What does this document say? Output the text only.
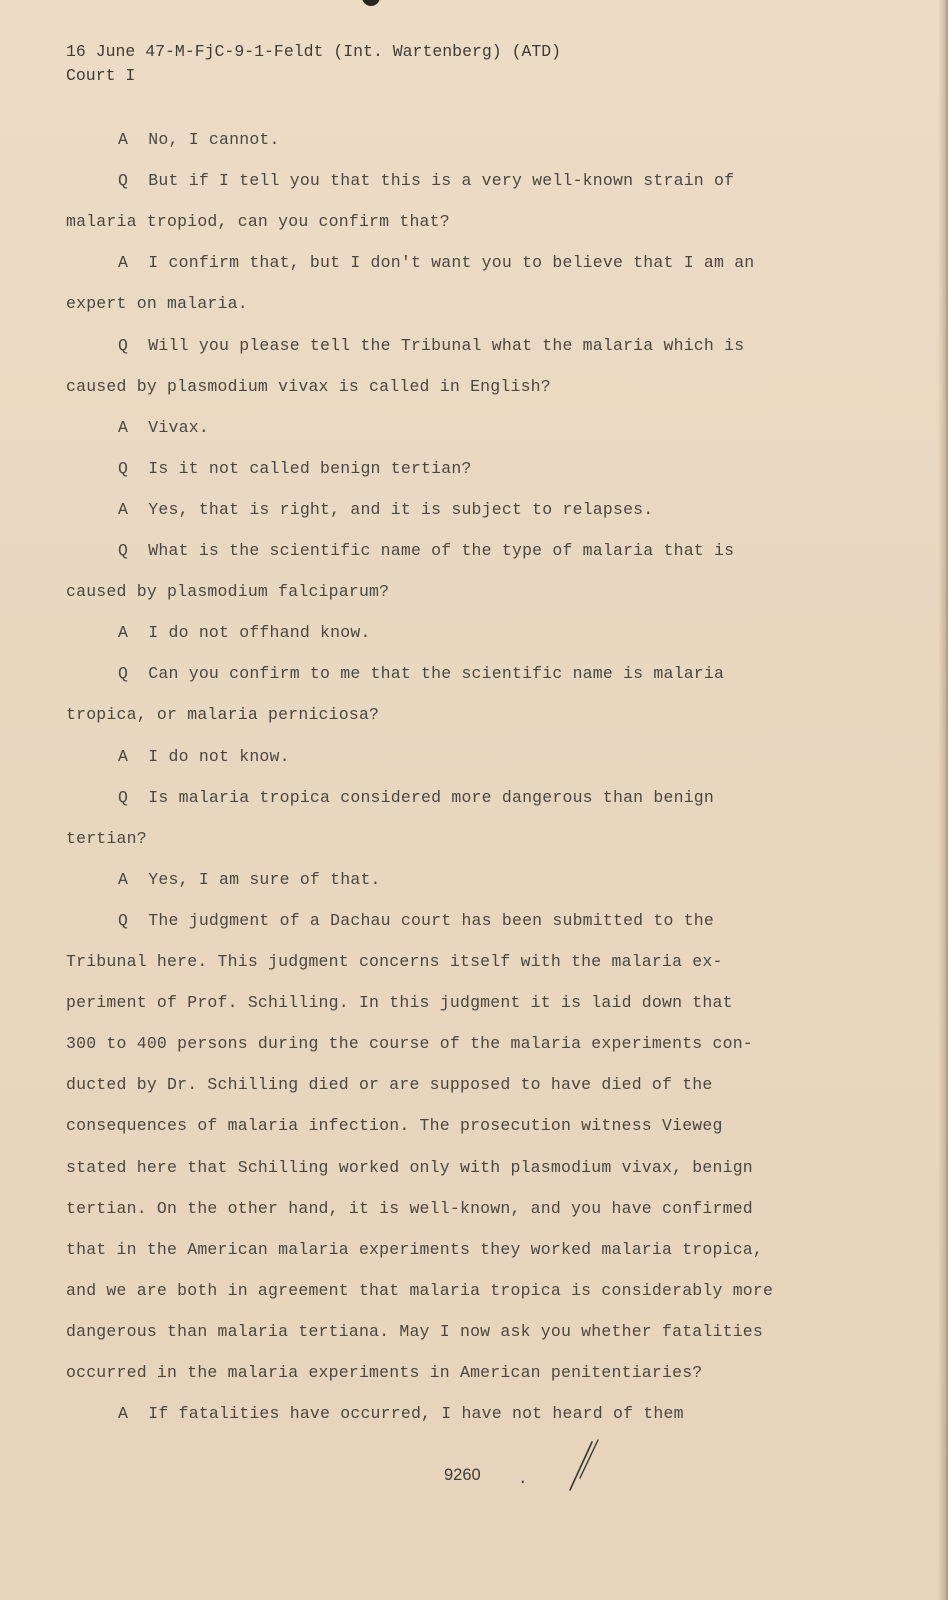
16 June 47-M-FjC-9-1-Feldt (Int. Wartenberg) (ATD)
Court I
A  No, I cannot.
Q  But if I tell you that this is a very well-known strain of
malaria tropiod, can you confirm that?
A  I confirm that, but I don't want you to believe that I am an
expert on malaria.
Q  Will you please tell the Tribunal what the malaria which is
caused by plasmodium vivax is called in English?
A  Vivax.
Q  Is it not called benign tertian?
A  Yes, that is right, and it is subject to relapses.
Q  What is the scientific name of the type of malaria that is
caused by plasmodium falciparum?
A  I do not offhand know.
Q  Can you confirm to me that the scientific name is malaria
tropica, or malaria perniciosa?
A  I do not know.
Q  Is malaria tropica considered more dangerous than benign
tertian?
A  Yes, I am sure of that.
Q  The judgment of a Dachau court has been submitted to the
Tribunal here. This judgment concerns itself with the malaria ex-
periment of Prof. Schilling. In this judgment it is laid down that
300 to 400 persons during the course of the malaria experiments con-
ducted by Dr. Schilling died or are supposed to have died of the
consequences of malaria infection. The prosecution witness Vieweg
stated here that Schilling worked only with plasmodium vivax, benign
tertian. On the other hand, it is well-known, and you have confirmed
that in the American malaria experiments they worked malaria tropica,
and we are both in agreement that malaria tropica is considerably more
dangerous than malaria tertiana. May I now ask you whether fatalities
occurred in the malaria experiments in American penitentiaries?
A  If fatalities have occurred, I have not heard of them
9260 .
